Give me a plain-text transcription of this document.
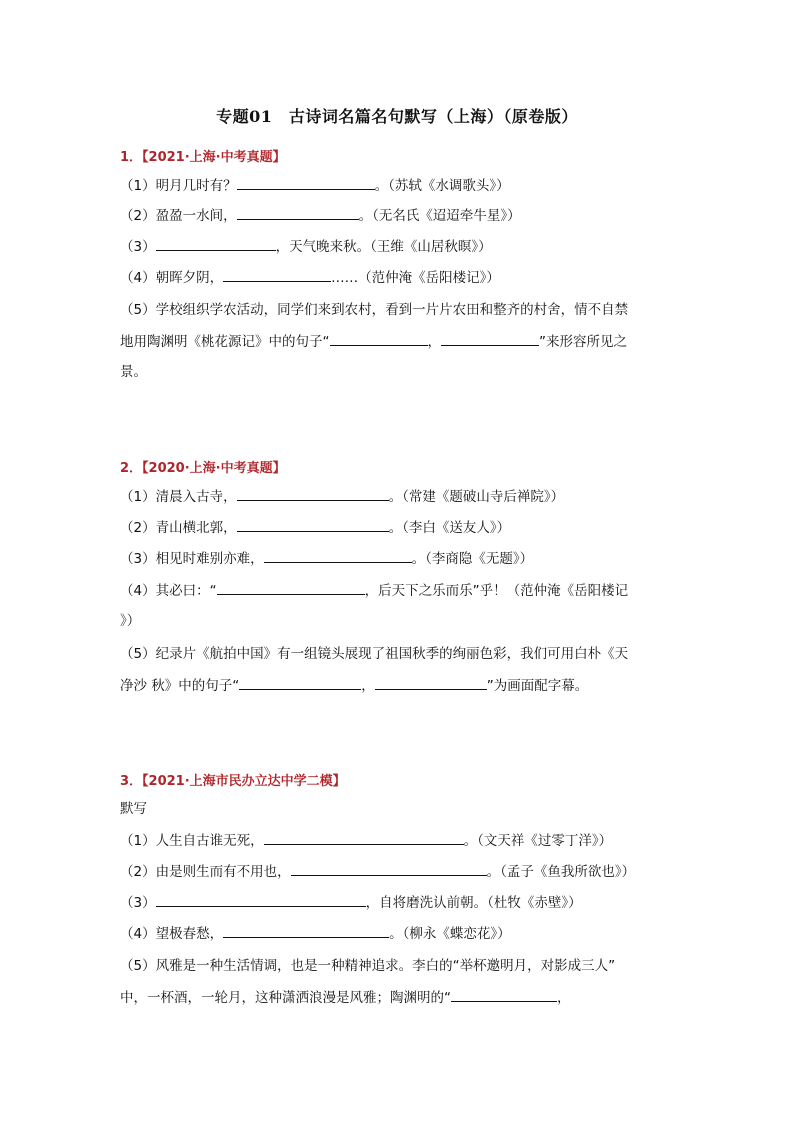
专题01　古诗词名篇名句默写（上海）（原卷版）
1．【2021·上海·中考真题】
（1）明月几时有？	。（苏轼《水调歌头》）
（2）盈盈一水间，	。（无名氏《迢迢牵牛星》）
（3）	，天气晚来秋。（王维《山居秋暝》）
（4）朝晖夕阴，	……（范仲淹《岳阳楼记》）
（5）学校组织学农活动，同学们来到农村，看到一片片农田和整齐的村舍，情不自禁
地用陶渊明《桃花源记》中的句子“	，	”来形容所见之
景。
2．【2020·上海·中考真题】
（1）清晨入古寺，	。（常建《题破山寺后禅院》）
（2）青山横北郭，	。（李白《送友人》）
（3）相见时难别亦难，	。（李商隐《无题》）
（4）其必曰：“	，后天下之乐而乐”乎！（范仲淹《岳阳楼记
》）
（5）纪录片《航拍中国》有一组镜头展现了祖国秋季的绚丽色彩，我们可用白朴《天
净沙 秋》中的句子“	，	”为画面配字幕。
3．【2021·上海市民办立达中学二模】
默写
（1）人生自古谁无死，	。（文天祥《过零丁洋》）
（2）由是则生而有不用也，	。（孟子《鱼我所欲也》）
（3）	，自将磨洗认前朝。（杜牧《赤壁》）
（4）望极春愁，	。（柳永《蝶恋花》）
（5）风雅是一种生活情调，也是一种精神追求。李白的“举杯邀明月，对影成三人”
中，一杯酒，一轮月，这种潇洒浪漫是风雅；陶渊明的“	，
